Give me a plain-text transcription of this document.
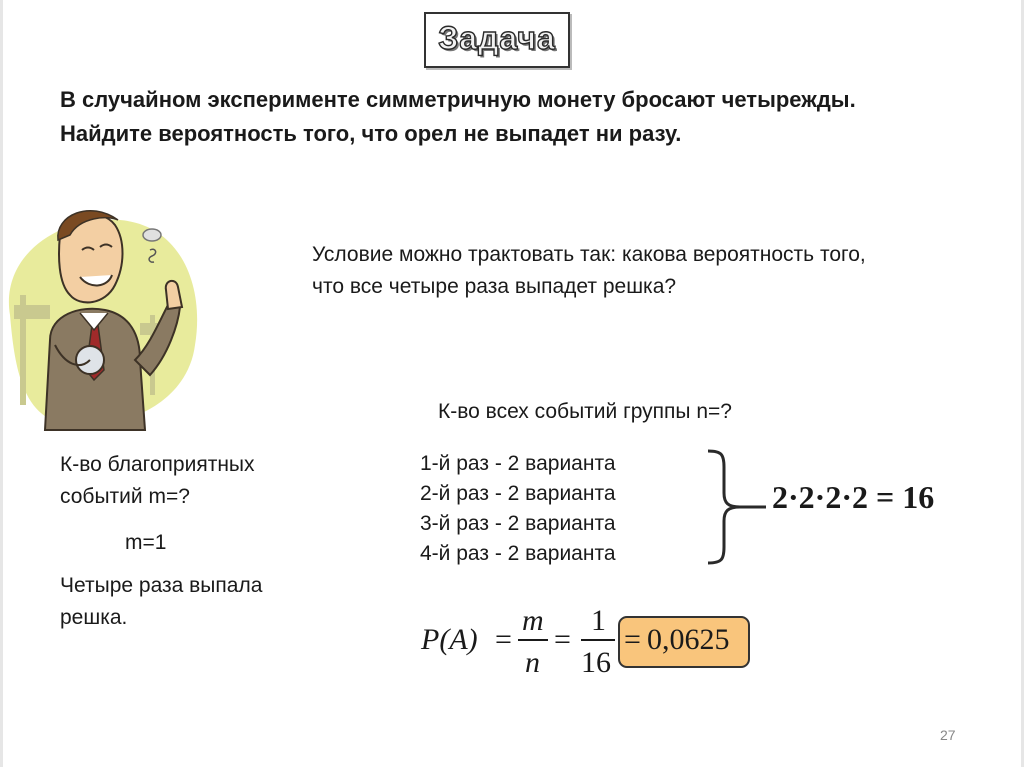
Задача
В случайном эксперименте симметричную монету бросают четырежды.
Найдите вероятность того, что орел не выпадет ни разу.
Условие можно трактовать так: какова вероятность того,
что все четыре раза выпадет решка?
К-во всех событий группы n=?
К-во благоприятных
событий m=?
m=1
Четыре раза выпала
решка.
1-й раз - 2 варианта
2-й раз - 2 варианта
3-й раз - 2 варианта
4-й раз - 2 варианта
2·2·2·2 = 16
P(A) =
m
n
=
1
16
= 0,0625
27
